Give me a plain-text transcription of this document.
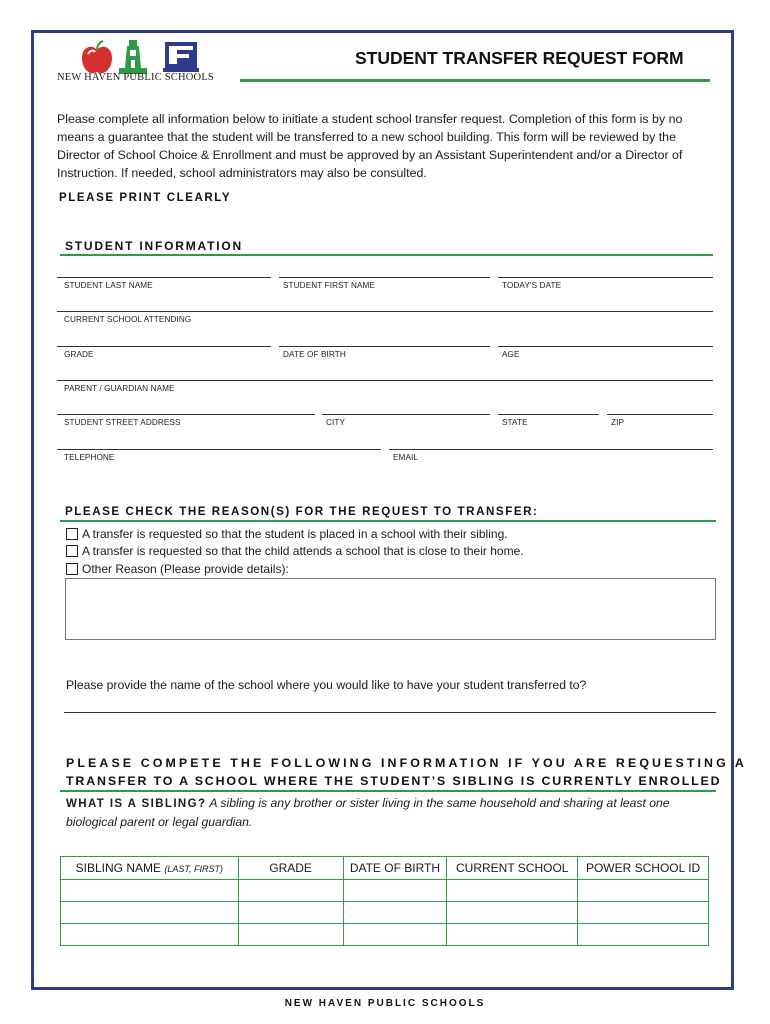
NEW HAVEN PUBLIC SCHOOLS
STUDENT TRANSFER REQUEST FORM
Please complete all information below to initiate a student school transfer request. Completion of this form is by no means a guarantee that the student will be transferred to a new school building. This form will be reviewed by the Director of School Choice & Enrollment and must be approved by an Assistant Superintendent and/or a Director of Instruction. If needed, school administrators may also be consulted.
PLEASE PRINT CLEARLY
STUDENT INFORMATION
STUDENT LAST NAME	STUDENT FIRST NAME	TODAY'S DATE
CURRENT SCHOOL ATTENDING
GRADE	DATE OF BIRTH	AGE
PARENT / GUARDIAN NAME
STUDENT STREET ADDRESS	CITY	STATE	ZIP
TELEPHONE	EMAIL
PLEASE CHECK THE REASON(S) FOR THE REQUEST TO TRANSFER:
A transfer is requested so that the student is placed in a school with their sibling.
A transfer is requested so that the child attends a school that is close to their home.
Other Reason (Please provide details):
Please provide the name of the school where you would like to have your student transferred to?
PLEASE COMPETE THE FOLLOWING INFORMATION IF YOU ARE REQUESTING A
TRANSFER TO A SCHOOL WHERE THE STUDENT’S SIBLING IS CURRENTLY ENROLLED
WHAT IS A SIBLING? A sibling is any brother or sister living in the same household and sharing at least one biological parent or legal guardian.
SIBLING NAME (LAST, FIRST)	GRADE	DATE OF BIRTH	CURRENT SCHOOL	POWER SCHOOL ID

NEW HAVEN PUBLIC SCHOOLS
